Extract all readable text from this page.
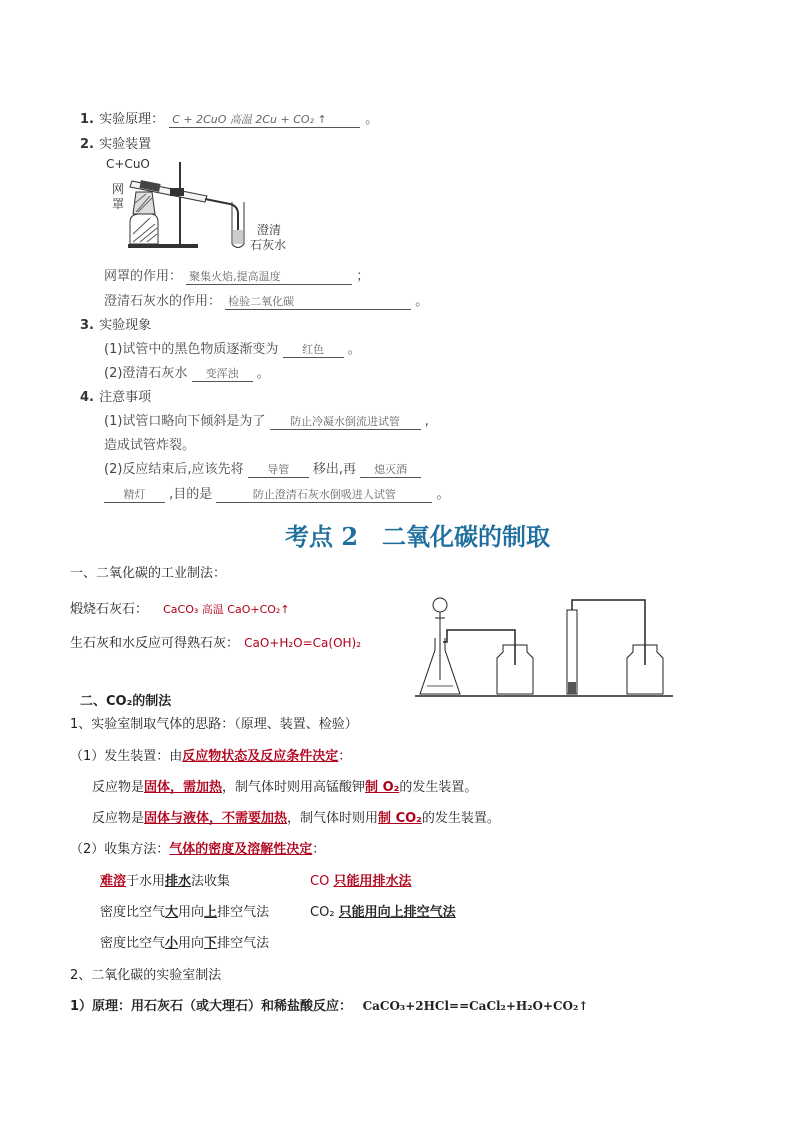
1. 实验原理： C + 2CuO 高温 2Cu + CO₂ ↑	。
2. 实验装置
C+CuO
网
罩
澄清
石灰水
网罩的作用： 聚集火焰,提高温度	；
澄清石灰水的作用： 检验二氧化碳	。
3. 实验现象
(1)试管中的黑色物质逐渐变为 红色 。
(2)澄清石灰水 变浑浊 。
4. 注意事项
(1)试管口略向下倾斜是为了 防止冷凝水倒流进试管 ,
造成试管炸裂。
(2)反应结束后,应该先将 导管 移出,再 熄灭酒
精灯 ,目的是	防止澄清石灰水倒吸进人试管	。
考点 2　二氧化碳的制取
一、二氧化碳的工业制法：
煅烧石灰石： CaCO₃ 高温 CaO+CO₂↑
生石灰和水反应可得熟石灰： CaO+H₂O=Ca(OH)₂
二、CO₂的制法
1、实验室制取气体的思路：（原理、装置、检验）
（1）发生装置：由反应物状态及反应条件决定：
反应物是固体，需加热，制气体时则用高锰酸钾制 O₂的发生装置。
反应物是固体与液体，不需要加热，制气体时则用制 CO₂的发生装置。
（2）收集方法：气体的密度及溶解性决定：
难溶于水用排水法收集	CO 只能用排水法
密度比空气大用向上排空气法	CO₂ 只能用向上排空气法
密度比空气小用向下排空气法
2、二氧化碳的实验室制法
1）原理：用石灰石（或大理石）和稀盐酸反应： CaCO₃+2HCl==CaCl₂+H₂O+CO₂↑
